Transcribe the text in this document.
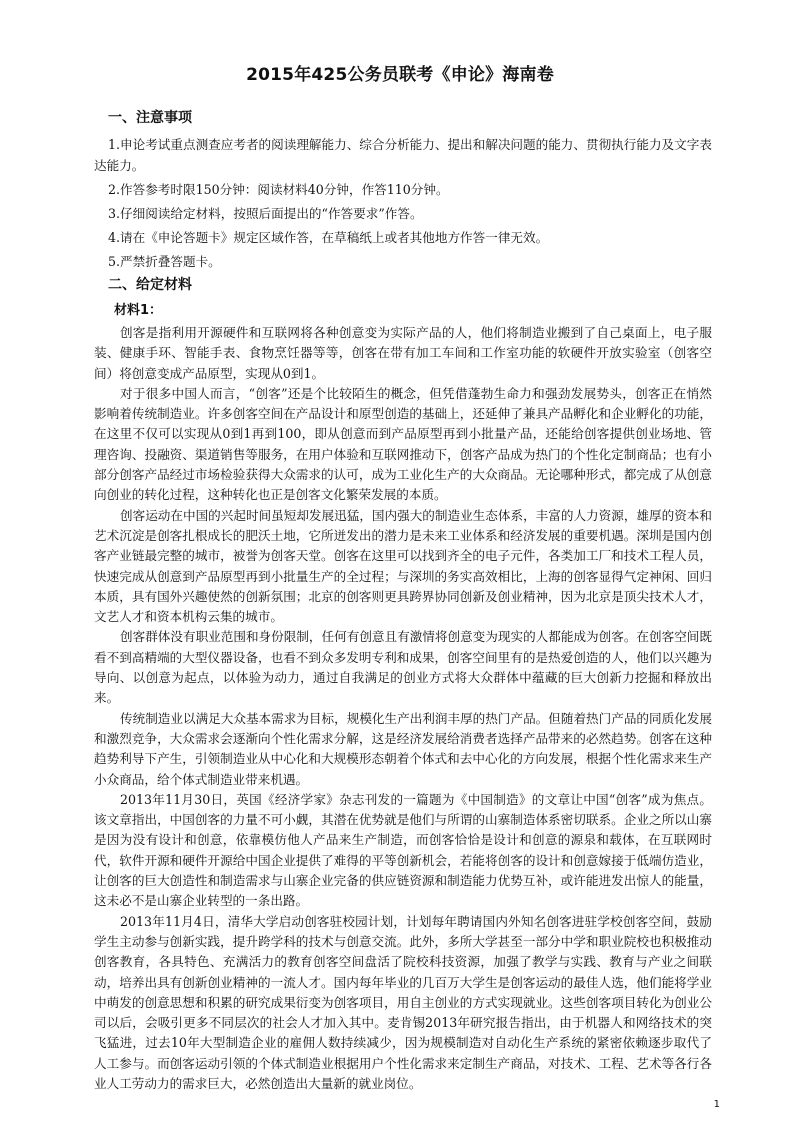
2015年425公务员联考《申论》海南卷
一、注意事项

1.申论考试重点测查应考者的阅读理解能力、综合分析能力、提出和解决问题的能力、贯彻执行能力及文字表达能力。

2.作答参考时限150分钟：阅读材料40分钟，作答110分钟。

3.仔细阅读给定材料，按照后面提出的“作答要求”作答。

4.请在《申论答题卡》规定区域作答，在草稿纸上或者其他地方作答一律无效。

5.严禁折叠答题卡。

二、给定材料
材料1：

创客是指利用开源硬件和互联网将各种创意变为实际产品的人，他们将制造业搬到了自己桌面上，电子服装、健康手环、智能手表、食物烹饪器等等，创客在带有加工车间和工作室功能的软硬件开放实验室（创客空间）将创意变成产品原型，实现从0到1。

对于很多中国人而言，“创客”还是个比较陌生的概念，但凭借蓬勃生命力和强劲发展势头，创客正在悄然影响着传统制造业。许多创客空间在产品设计和原型创造的基础上，还延伸了兼具产品孵化和企业孵化的功能，在这里不仅可以实现从0到1再到100，即从创意而到产品原型再到小批量产品，还能给创客提供创业场地、管理咨询、投融资、渠道销售等服务，在用户体验和互联网推动下，创客产品成为热门的个性化定制商品；也有小部分创客产品经过市场检验获得大众需求的认可，成为工业化生产的大众商品。无论哪种形式，都完成了从创意向创业的转化过程，这种转化也正是创客文化繁荣发展的本质。

创客运动在中国的兴起时间虽短却发展迅猛，国内强大的制造业生态体系，丰富的人力资源，雄厚的资本和艺术沉淀是创客扎根成长的肥沃土地，它所迸发出的潜力是未来工业体系和经济发展的重要机遇。深圳是国内创客产业链最完整的城市，被誉为创客天堂。创客在这里可以找到齐全的电子元件，各类加工厂和技术工程人员，快速完成从创意到产品原型再到小批量生产的全过程；与深圳的务实高效相比，上海的创客显得气定神闲、回归本质，具有国外兴趣使然的创新氛围；北京的创客则更具跨界协同创新及创业精神，因为北京是顶尖技术人才，文艺人才和资本机构云集的城市。

创客群体没有职业范围和身份限制，任何有创意且有激情将创意变为现实的人都能成为创客。在创客空间既看不到高精端的大型仪器设备，也看不到众多发明专利和成果，创客空间里有的是热爱创造的人，他们以兴趣为导向、以创意为起点，以体验为动力，通过自我满足的创业方式将大众群体中蕴藏的巨大创新力挖掘和释放出来。

传统制造业以满足大众基本需求为目标，规模化生产出利润丰厚的热门产品。但随着热门产品的同质化发展和激烈竞争，大众需求会逐渐向个性化需求分解，这是经济发展给消费者选择产品带来的必然趋势。创客在这种趋势利导下产生，引领制造业从中心化和大规模形态朝着个体式和去中心化的方向发展，根据个性化需求来生产小众商品，给个体式制造业带来机遇。

2013年11月30日，英国《经济学家》杂志刊发的一篇题为《中国制造》的文章让中国“创客”成为焦点。该文章指出，中国创客的力量不可小觑，其潜在优势就是他们与所谓的山寨制造体系密切联系。企业之所以山寨是因为没有设计和创意，依靠模仿他人产品来生产制造，而创客恰恰是设计和创意的源泉和载体，在互联网时代，软件开源和硬件开源给中国企业提供了难得的平等创新机会，若能将创客的设计和创意嫁接于低端仿造业，让创客的巨大创造性和制造需求与山寨企业完备的供应链资源和制造能力优势互补，或许能进发出惊人的能量，这未必不是山寨企业转型的一条出路。

2013年11月4日，清华大学启动创客驻校园计划，计划每年聘请国内外知名创客进驻学校创客空间，鼓励学生主动参与创新实践，提升跨学科的技术与创意交流。此外，多所大学甚至一部分中学和职业院校也积极推动创客教育，各具特色、充满活力的教育创客空间盘活了院校科技资源，加强了教学与实践、教育与产业之间联动，培养出具有创新创业精神的一流人才。国内每年毕业的几百万大学生是创客运动的最佳人选，他们能将学业中萌发的创意思想和积累的研究成果衍变为创客项目，用自主创业的方式实现就业。这些创客项目转化为创业公司以后，会吸引更多不同层次的社会人才加入其中。麦肯锡2013年研究报告指出，由于机器人和网络技术的突飞猛进，过去10年大型制造企业的雇佣人数持续减少，因为规模制造对自动化生产系统的紧密依赖逐步取代了人工参与。而创客运动引领的个体式制造业根据用户个性化需求来定制生产商品，对技术、工程、艺术等各行各业人工劳动力的需求巨大，必然创造出大量新的就业岗位。

1
